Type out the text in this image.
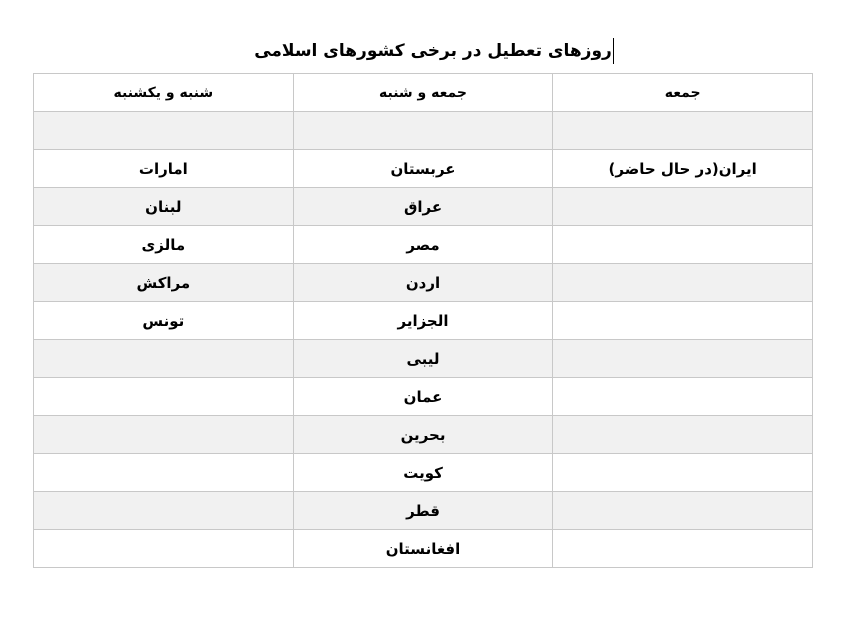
روزهای تعطیل در برخی کشورهای اسلامی
جمعه	جمعه و شنبه	شنبه و یکشنبه

ایران(در حال حاضر)	عربستان	امارات
	عراق	لبنان
	مصر	مالزی
	اردن	مراکش
	الجزایر	تونس
	لیبی	
	عمان	
	بحرین	
	کویت	
	قطر	
	افغانستان	
